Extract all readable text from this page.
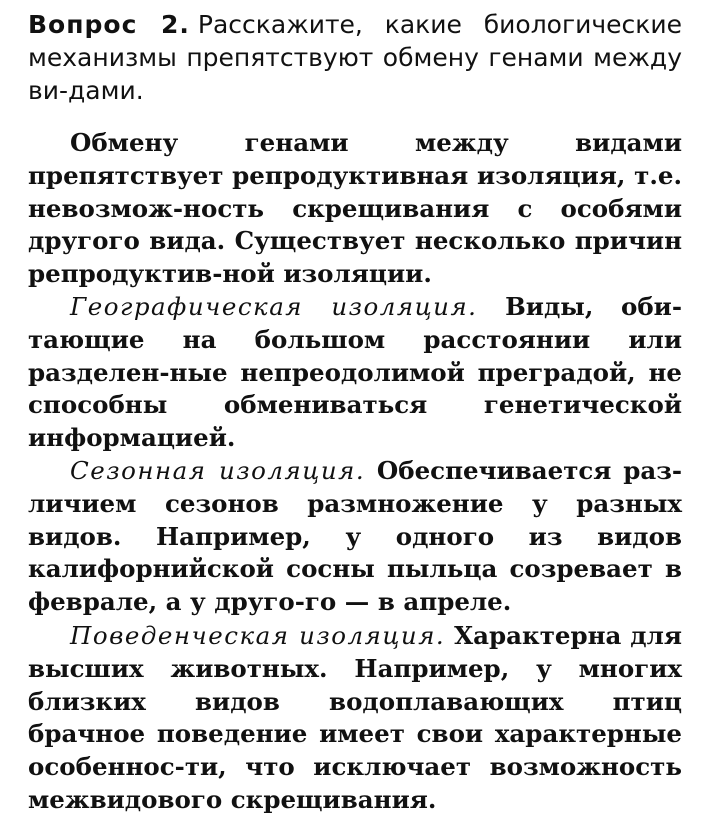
Вопрос 2. Расскажите, какие биологические механизмы препятствуют обмену генами между ви-дами.

Обмену генами между видами препятствует репродуктивная изоляция, т.е. невозмож-ность скрещивания с особями другого вида. Существует несколько причин репродуктив-ной изоляции.

Географическая изоляция. Виды, оби-тающие на большом расстоянии или разделен-ные непреодолимой преградой, не способны обмениваться генетической информацией.

Сезонная изоляция. Обеспечивается раз-личием сезонов размножение у разных видов. Например, у одного из видов калифорнийской сосны пыльца созревает в феврале, а у друго-го — в апреле.

Поведенческая изоляция. Характерна для высших животных. Например, у многих близких видов водоплавающих птиц брачное поведение имеет свои характерные особеннос-ти, что исключает возможность межвидового скрещивания.
